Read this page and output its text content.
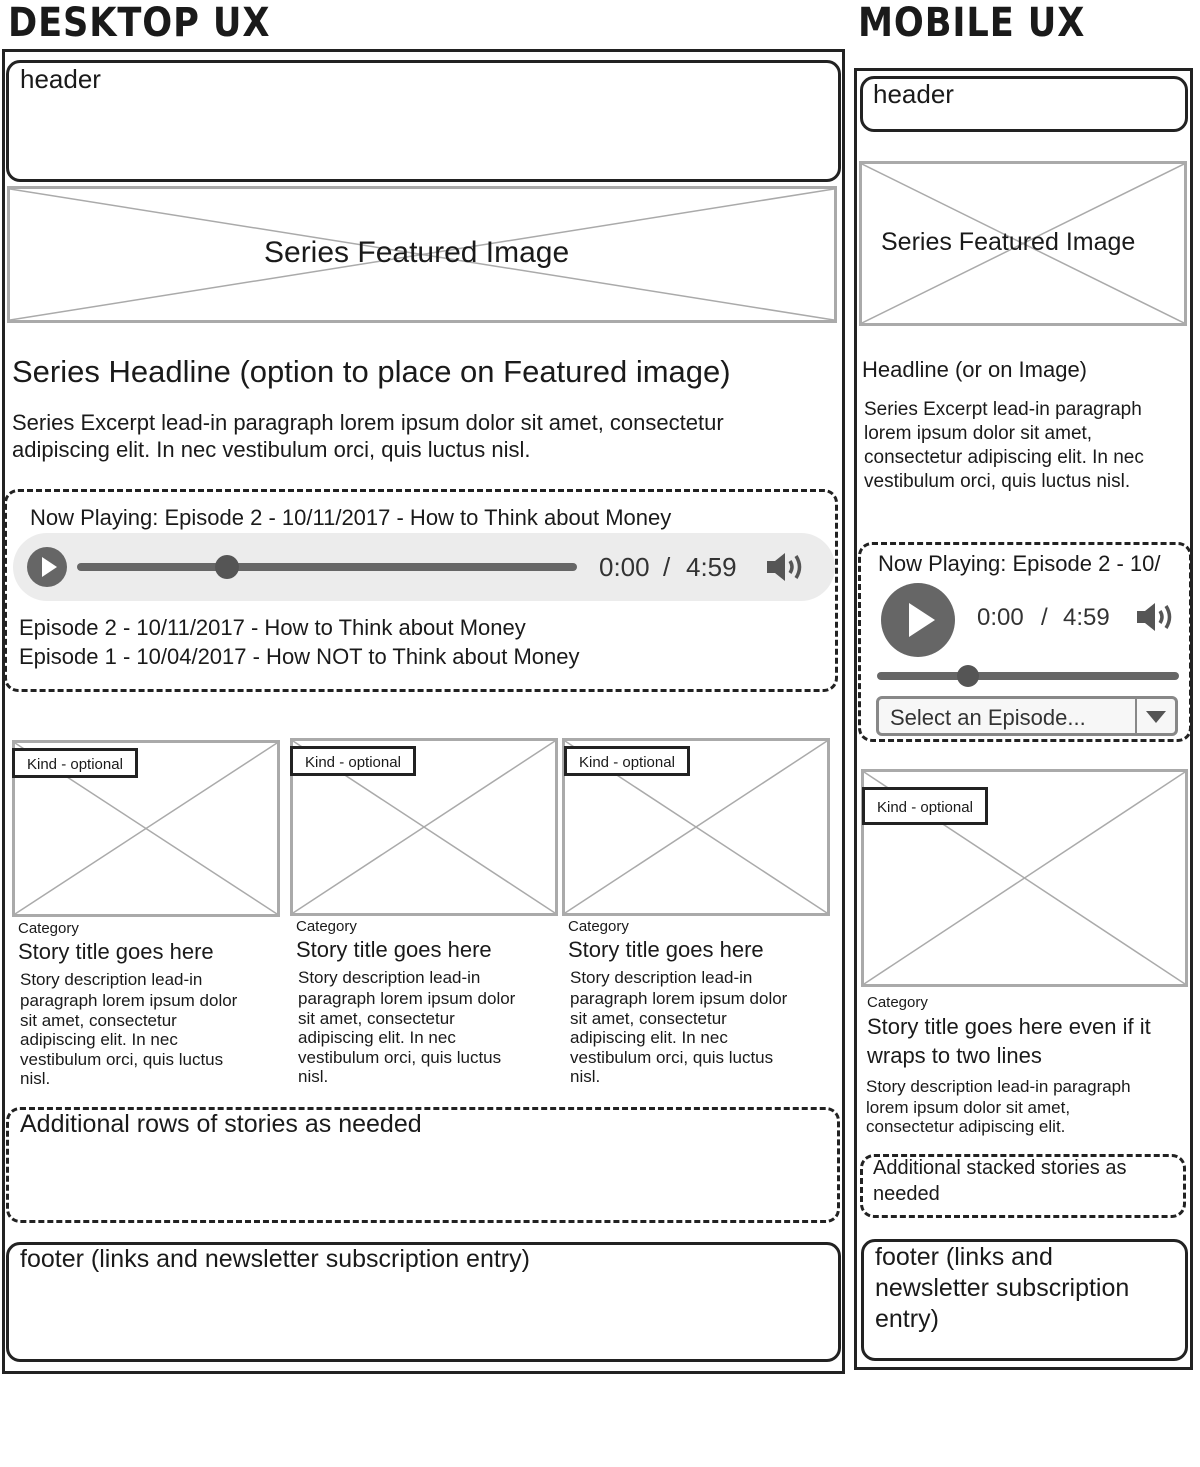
DESKTOP UX
header
Series Featured Image
Series Headline (option to place on Featured image)
Series Excerpt lead-in paragraph lorem ipsum dolor sit amet, consectetur
adipiscing elit. In nec vestibulum orci, quis luctus nisl.
Now Playing: Episode 2 - 10/11/2017 - How to Think about Money
0:00 / 4:59
Episode 2 - 10/11/2017 - How to Think about Money
Episode 1 - 10/04/2017 - How NOT to Think about Money
Kind - optional
Category
Story title goes here
Story description lead-in
paragraph lorem ipsum dolor
sit amet, consectetur
adipiscing elit. In nec
vestibulum orci, quis luctus
nisl.
Kind - optional
Category
Story title goes here
Story description lead-in
paragraph lorem ipsum dolor
sit amet, consectetur
adipiscing elit. In nec
vestibulum orci, quis luctus
nisl.
Kind - optional
Category
Story title goes here
Story description lead-in
paragraph lorem ipsum dolor
sit amet, consectetur
adipiscing elit. In nec
vestibulum orci, quis luctus
nisl.
Additional rows of stories as needed
footer (links and newsletter subscription entry)
MOBILE UX
header
Series Featured Image
Headline (or on Image)
Series Excerpt lead-in paragraph
lorem ipsum dolor sit amet,
consectetur adipiscing elit. In nec
vestibulum orci, quis luctus nisl.
Now Playing: Episode 2 - 10/
0:00 / 4:59
Select an Episode...
Kind - optional
Category
Story title goes here even if it
wraps to two lines
Story description lead-in paragraph
lorem ipsum dolor sit amet,
consectetur adipiscing elit.
Additional stacked stories as
needed
footer (links and
newsletter subscription
entry)
